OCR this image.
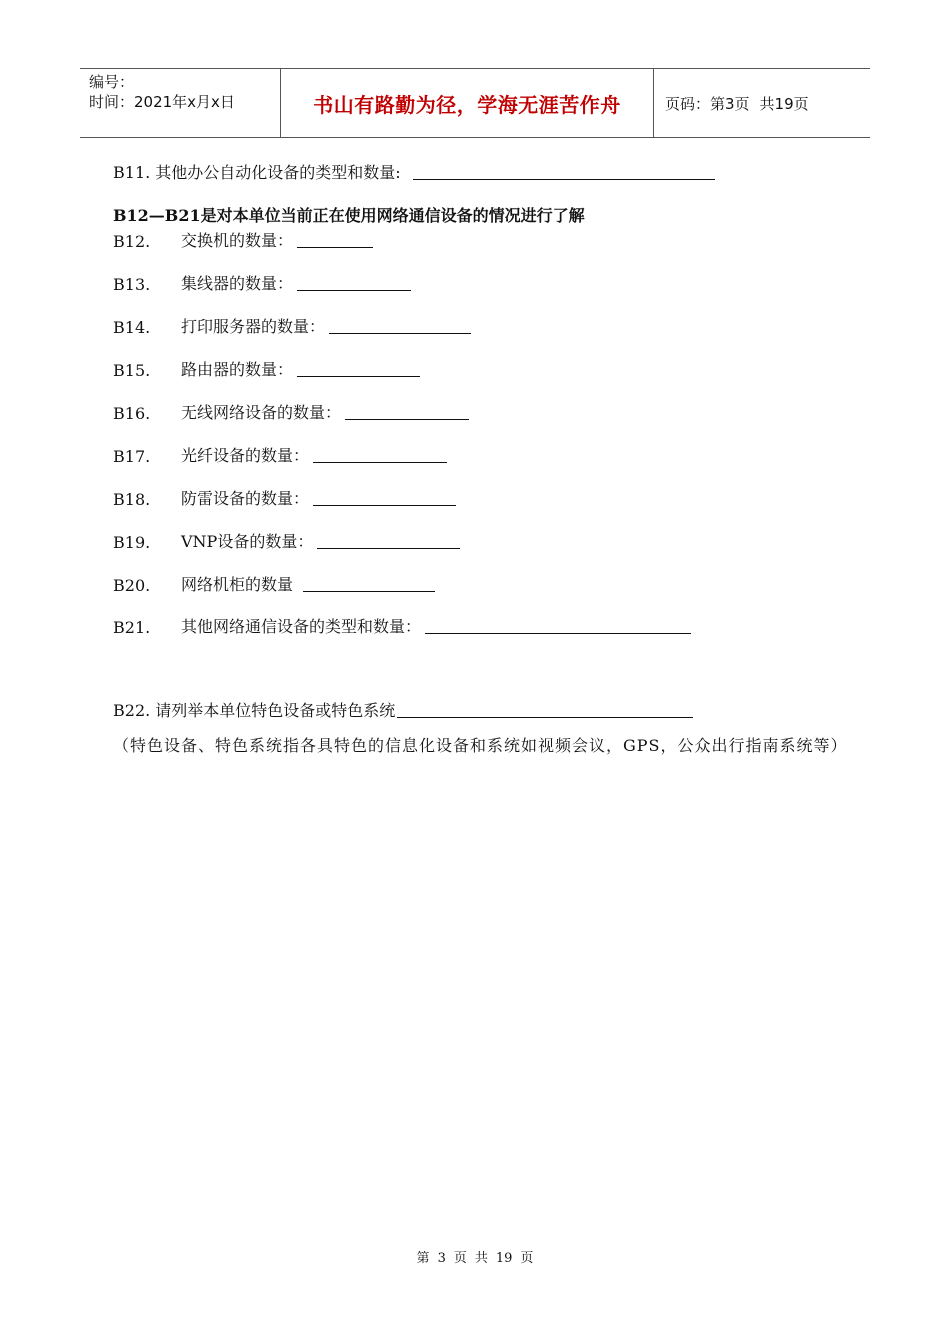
编号：
时间：2021年x月x日	书山有路勤为径，学海无涯苦作舟	页码：第3页 共19页
B11. 其他办公自动化设备的类型和数量:
B12—B21是对本单位当前正在使用网络通信设备的情况进行了解
B12.	交换机的数量：
B13.	集线器的数量：
B14.	打印服务器的数量：
B15.	路由器的数量：
B16.	无线网络设备的数量：
B17.	光纤设备的数量：
B18.	防雷设备的数量：
B19.	VNP设备的数量：
B20.	网络机柜的数量
B21.	其他网络通信设备的类型和数量：
B22. 请列举本单位特色设备或特色系统
（特色设备、特色系统指各具特色的信息化设备和系统如视频会议，GPS，公众出行指南系统等）
第 3 页 共 19 页
